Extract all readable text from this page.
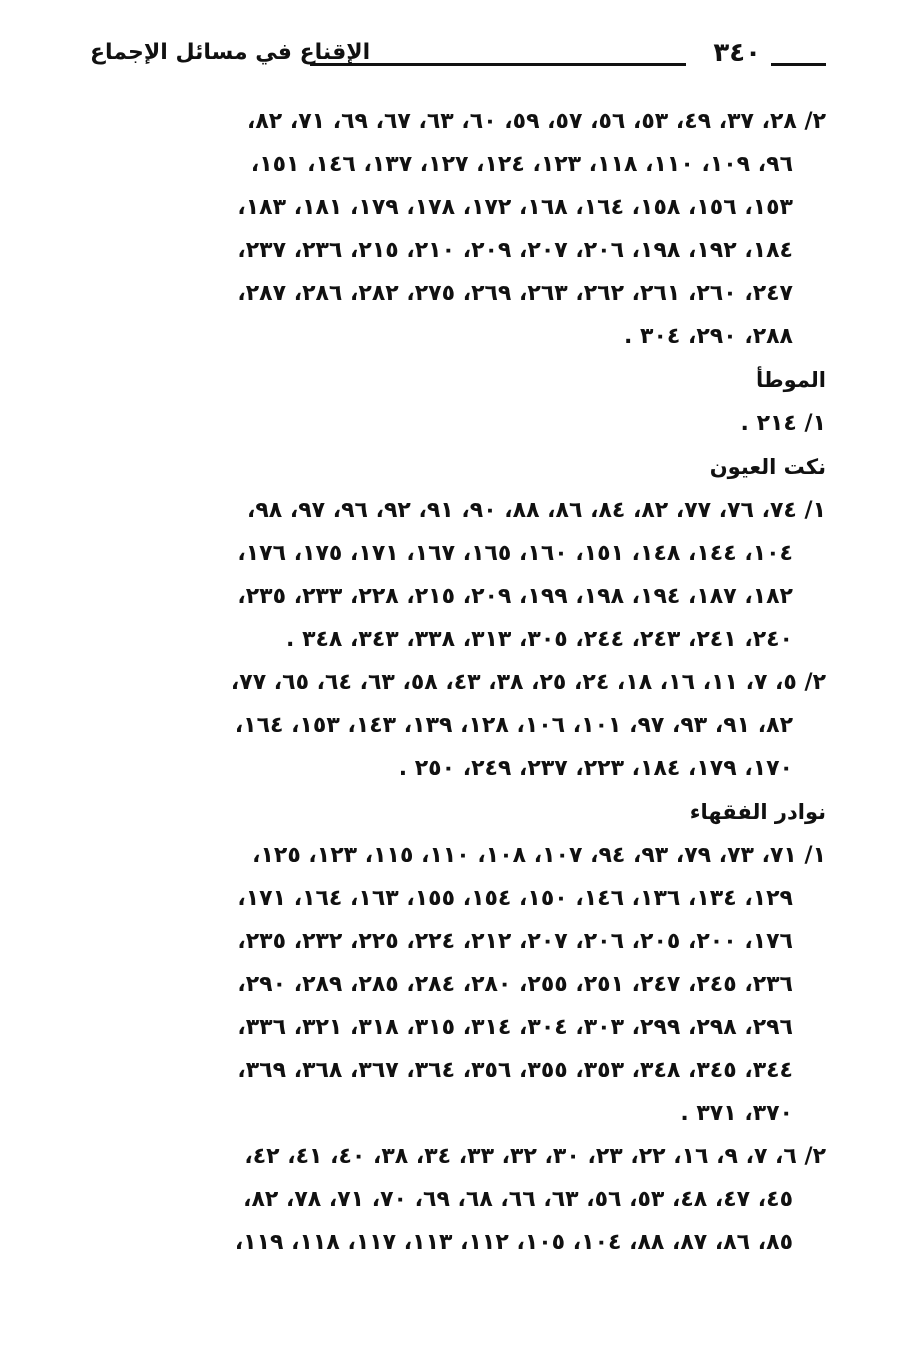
٣٤٠
الإقناع في مسائل الإجماع
٢/ ٢٨، ٣٧، ٤٩، ٥٣، ٥٦، ٥٧، ٥٩، ٦٠، ٦٣، ٦٧، ٦٩، ٧١، ٨٢،
٩٦، ١٠٩، ١١٠، ١١٨، ١٢٣، ١٢٤، ١٢٧، ١٣٧، ١٤٦، ١٥١،
١٥٣، ١٥٦، ١٥٨، ١٦٤، ١٦٨، ١٧٢، ١٧٨، ١٧٩، ١٨١، ١٨٣،
١٨٤، ١٩٢، ١٩٨، ٢٠٦، ٢٠٧، ٢٠٩، ٢١٠، ٢١٥، ٢٣٦، ٢٣٧،
٢٤٧، ٢٦٠، ٢٦١، ٢٦٢، ٢٦٣، ٢٦٩، ٢٧٥، ٢٨٢، ٢٨٦، ٢٨٧،
٢٨٨، ٢٩٠، ٣٠٤ .
الموطأ
١/ ٢١٤ .
نكت العيون
١/ ٧٤، ٧٦، ٧٧، ٨٢، ٨٤، ٨٦، ٨٨، ٩٠، ٩١، ٩٢، ٩٦، ٩٧، ٩٨،
١٠٤، ١٤٤، ١٤٨، ١٥١، ١٦٠، ١٦٥، ١٦٧، ١٧١، ١٧٥، ١٧٦،
١٨٢، ١٨٧، ١٩٤، ١٩٨، ١٩٩، ٢٠٩، ٢١٥، ٢٢٨، ٢٣٣، ٢٣٥،
٢٤٠، ٢٤١، ٢٤٣، ٢٤٤، ٣٠٥، ٣١٣، ٣٣٨، ٣٤٣، ٣٤٨ .
٢/ ٥، ٧، ١١، ١٦، ١٨، ٢٤، ٢٥، ٣٨، ٤٣، ٥٨، ٦٣، ٦٤، ٦٥، ٧٧،
٨٢، ٩١، ٩٣، ٩٧، ١٠١، ١٠٦، ١٢٨، ١٣٩، ١٤٣، ١٥٣، ١٦٤،
١٧٠، ١٧٩، ١٨٤، ٢٢٣، ٢٣٧، ٢٤٩، ٢٥٠ .
نوادر الفقهاء
١/ ٧١، ٧٣، ٧٩، ٩٣، ٩٤، ١٠٧، ١٠٨، ١١٠، ١١٥، ١٢٣، ١٢٥،
١٢٩، ١٣٤، ١٣٦، ١٤٦، ١٥٠، ١٥٤، ١٥٥، ١٦٣، ١٦٤، ١٧١،
١٧٦، ٢٠٠، ٢٠٥، ٢٠٦، ٢٠٧، ٢١٢، ٢٢٤، ٢٢٥، ٢٣٢، ٢٣٥،
٢٣٦، ٢٤٥، ٢٤٧، ٢٥١، ٢٥٥، ٢٨٠، ٢٨٤، ٢٨٥، ٢٨٩، ٢٩٠،
٢٩٦، ٢٩٨، ٢٩٩، ٣٠٣، ٣٠٤، ٣١٤، ٣١٥، ٣١٨، ٣٢١، ٣٣٦،
٣٤٤، ٣٤٥، ٣٤٨، ٣٥٣، ٣٥٥، ٣٥٦، ٣٦٤، ٣٦٧، ٣٦٨، ٣٦٩،
٣٧٠، ٣٧١ .
٢/ ٦، ٧، ٩، ١٦، ٢٢، ٢٣، ٣٠، ٣٢، ٣٣، ٣٤، ٣٨، ٤٠، ٤١، ٤٢،
٤٥، ٤٧، ٤٨، ٥٣، ٥٦، ٦٣، ٦٦، ٦٨، ٦٩، ٧٠، ٧١، ٧٨، ٨٢،
٨٥، ٨٦، ٨٧، ٨٨، ١٠٤، ١٠٥، ١١٢، ١١٣، ١١٧، ١١٨، ١١٩،
